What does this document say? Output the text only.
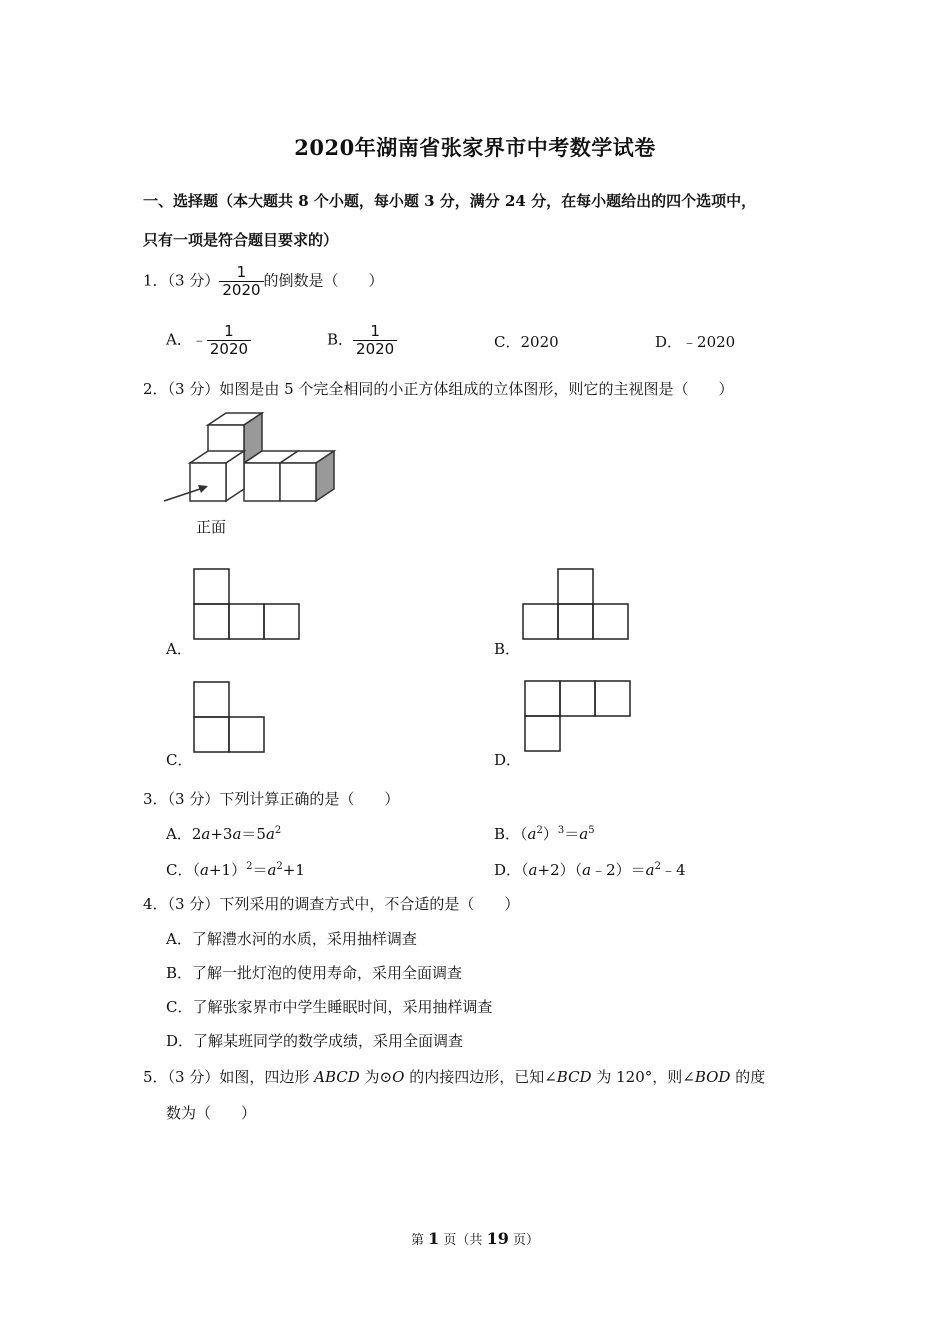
2020年湖南省张家界市中考数学试卷
一、选择题（本大题共 8 个小题，每小题 3 分，满分 24 分，在每小题给出的四个选项中，
只有一项是符合题目要求的）
1．（3 分） $\frac{1}{2020}$ 的倒数是（　　）
A．﹣ $\frac{1}{2020}$	B． $\frac{1}{2020}$	C．2020	D．﹣2020
2．（3 分）如图是由 5 个完全相同的小正方体组成的立体图形，则它的主视图是（　　）
正面
A．	B．
C．	D．
3．（3 分）下列计算正确的是（　　）
A．$2a+3a=5a^2$	B．$(a^2)^3=a^5$
C．$(a+1)^2=a^2+1$	D．$(a+2)(a﹣2)=a^2﹣4$
4．（3 分）下列采用的调查方式中，不合适的是（　　）
A．了解澧水河的水质，采用抽样调查
B．了解一批灯泡的使用寿命，采用全面调查
C．了解张家界市中学生睡眠时间，采用抽样调查
D．了解某班同学的数学成绩，采用全面调查
5．（3 分）如图，四边形 ABCD 为⊙O 的内接四边形，已知∠BCD 为 120°，则∠BOD 的度
数为（　　）
第 1 页（共 19 页）
